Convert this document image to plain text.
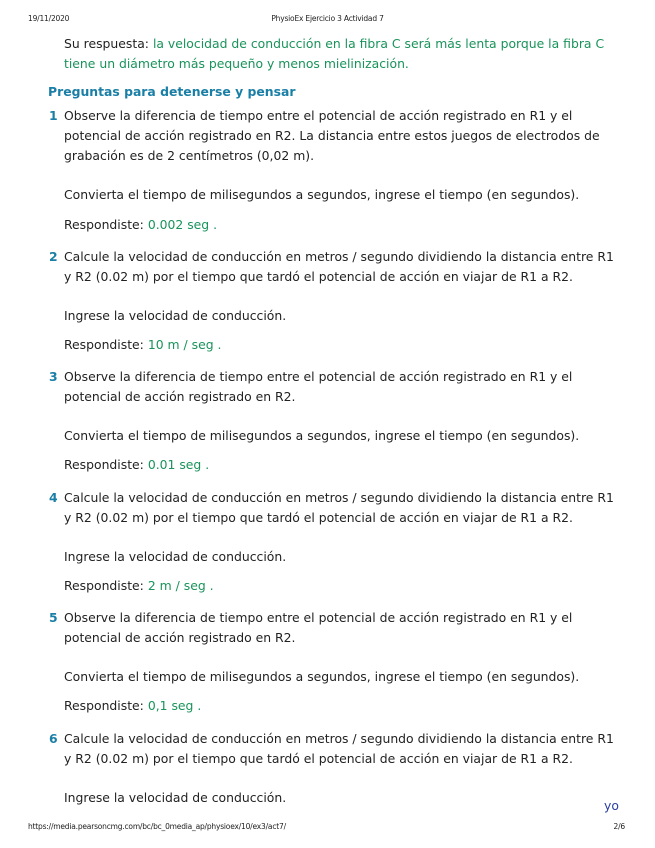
19/11/2020	PhysioEx Ejercicio 3 Actividad 7
Su respuesta: la velocidad de conducción en la fibra C será más lenta porque la fibra C tiene un diámetro más pequeño y menos mielinización.
Preguntas para detenerse y pensar
1 Observe la diferencia de tiempo entre el potencial de acción registrado en R1 y el potencial de acción registrado en R2. La distancia entre estos juegos de electrodos de grabación es de 2 centímetros (0,02 m).
Convierta el tiempo de milisegundos a segundos, ingrese el tiempo (en segundos).
Respondiste: 0.002 seg .
2 Calcule la velocidad de conducción en metros / segundo dividiendo la distancia entre R1 y R2 (0.02 m) por el tiempo que tardó el potencial de acción en viajar de R1 a R2.
Ingrese la velocidad de conducción.
Respondiste: 10 m / seg .
3 Observe la diferencia de tiempo entre el potencial de acción registrado en R1 y el potencial de acción registrado en R2.
Convierta el tiempo de milisegundos a segundos, ingrese el tiempo (en segundos).
Respondiste: 0.01 seg .
4 Calcule la velocidad de conducción en metros / segundo dividiendo la distancia entre R1 y R2 (0.02 m) por el tiempo que tardó el potencial de acción en viajar de R1 a R2.
Ingrese la velocidad de conducción.
Respondiste: 2 m / seg .
5 Observe la diferencia de tiempo entre el potencial de acción registrado en R1 y el potencial de acción registrado en R2.
Convierta el tiempo de milisegundos a segundos, ingrese el tiempo (en segundos).
Respondiste: 0,1 seg .
6 Calcule la velocidad de conducción en metros / segundo dividiendo la distancia entre R1 y R2 (0.02 m) por el tiempo que tardó el potencial de acción en viajar de R1 a R2.
Ingrese la velocidad de conducción.
yo
https://media.pearsoncmg.com/bc/bc_0media_ap/physioex/10/ex3/act7/	2/6
